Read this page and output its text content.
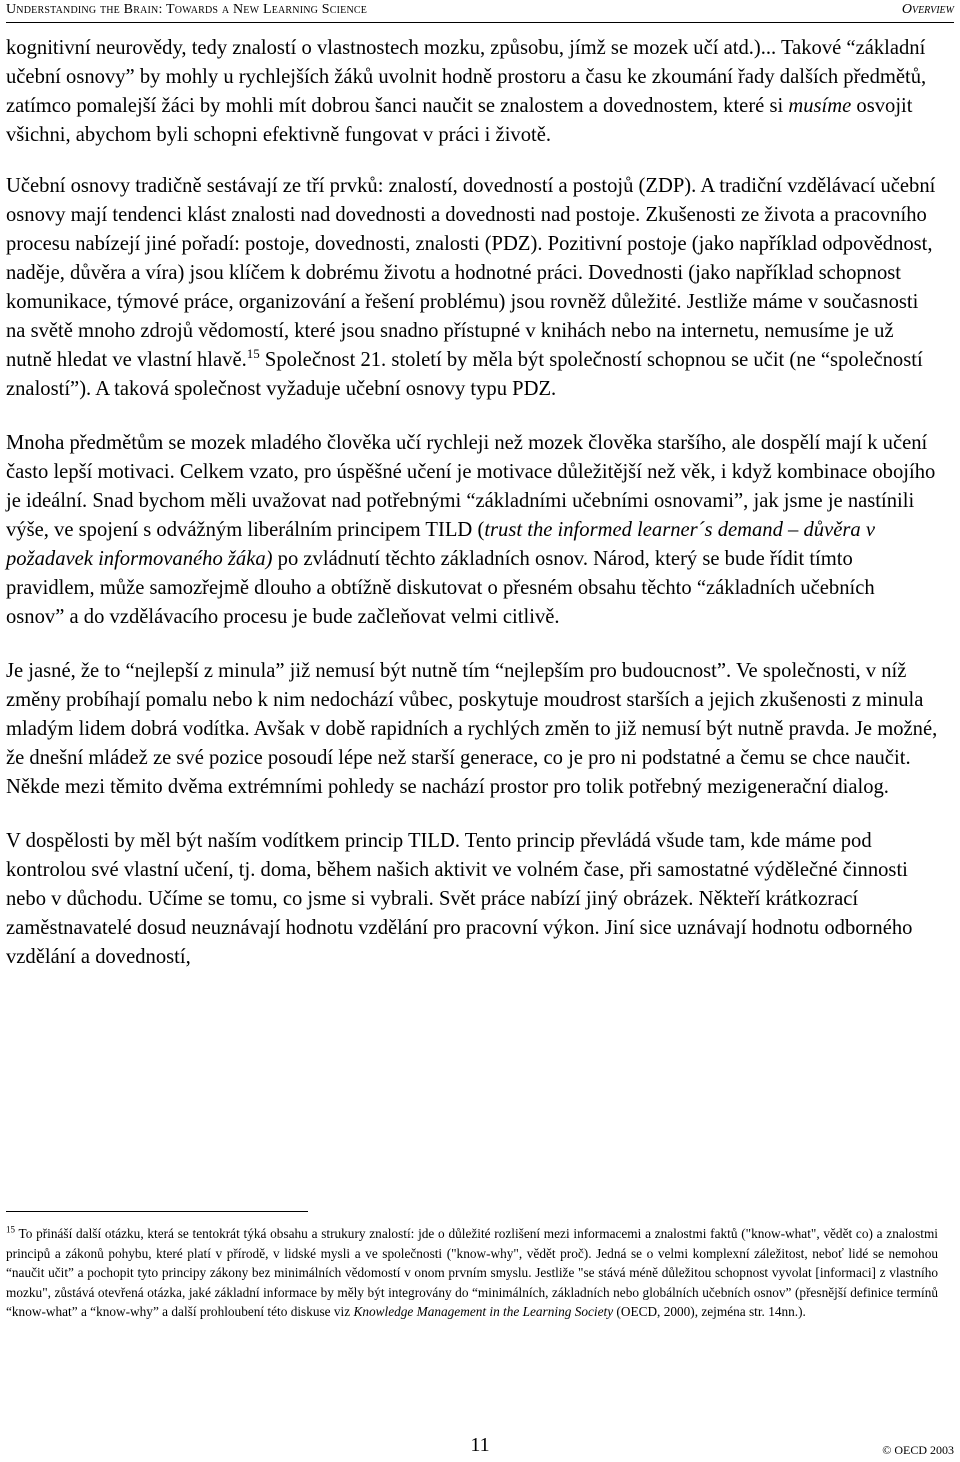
Understanding the Brain: Towards a New Learning Science	Overview

kognitivní neurovědy, tedy znalostí o vlastnostech mozku, způsobu, jímž se mozek učí atd.)... Takové “základní učební osnovy” by mohly u rychlejších žáků uvolnit hodně prostoru a času ke zkoumání řady dalších předmětů, zatímco pomalejší žáci by mohli mít dobrou šanci naučit se znalostem a dovednostem, které si musíme osvojit všichni, abychom byli schopni efektivně fungovat v práci i životě.

Učební osnovy tradičně sestávají ze tří prvků: znalostí, dovedností a postojů (ZDP). A tradiční vzdělávací učební osnovy mají tendenci klást znalosti nad dovednosti a dovednosti nad postoje. Zkušenosti ze života a pracovního procesu nabízejí jiné pořadí: postoje, dovednosti, znalosti (PDZ). Pozitivní postoje (jako například odpovědnost, naděje, důvěra a víra) jsou klíčem k dobrému životu a hodnotné práci. Dovednosti (jako například schopnost komunikace, týmové práce, organizování a řešení problému) jsou rovněž důležité. Jestliže máme v současnosti na světě mnoho zdrojů vědomostí, které jsou snadno přístupné v knihách nebo na internetu, nemusíme je už nutně hledat ve vlastní hlavě.$^{15}$ Společnost 21. století by měla být společností schopnou se učit (ne “společností znalostí”). A taková společnost vyžaduje učební osnovy typu PDZ.

Mnoha předmětům se mozek mladého člověka učí rychleji než mozek člověka staršího, ale dospělí mají k učení často lepší motivaci. Celkem vzato, pro úspěšné učení je motivace důležitější než věk, i když kombinace obojího je ideální. Snad bychom měli uvažovat nad potřebnými “základními učebními osnovami”, jak jsme je nastínili výše, ve spojení s odvážným liberálním principem TILD (trust the informed learner´s demand – důvěra v požadavek informovaného žáka) po zvládnutí těchto základních osnov. Národ, který se bude řídit tímto pravidlem, může samozřejmě dlouho a obtížně diskutovat o přesném obsahu těchto “základních učebních osnov” a do vzdělávacího procesu je bude začleňovat velmi citlivě.

Je jasné, že to “nejlepší z minula” již nemusí být nutně tím “nejlepším pro budoucnost”. Ve společnosti, v níž změny probíhají pomalu nebo k nim nedochází vůbec, poskytuje moudrost starších a jejich zkušenosti z minula mladým lidem dobrá vodítka. Avšak v době rapidních a rychlých změn to již nemusí být nutně pravda. Je možné, že dnešní mládež ze své pozice posoudí lépe než starší generace, co je pro ni podstatné a čemu se chce naučit. Někde mezi těmito dvěma extrémními pohledy se nachází prostor pro tolik potřebný mezigenerační dialog.

V dospělosti by měl být naším vodítkem princip TILD. Tento princip převládá všude tam, kde máme pod kontrolou své vlastní učení, tj. doma, během našich aktivit ve volném čase, při samostatné výdělečné činnosti nebo v důchodu. Učíme se tomu, co jsme si vybrali. Svět práce nabízí jiný obrázek. Někteří krátkozrací zaměstnavatelé dosud neuznávají hodnotu vzdělání pro pracovní výkon. Jiní sice uznávají hodnotu odborného vzdělání a dovedností,

$^{15}$ To přináší další otázku, která se tentokrát týká obsahu a strukury znalostí: jde o důležité rozlišení mezi informacemi a znalostmi faktů ("know-what", vědět co) a znalostmi principů a zákonů pohybu, které platí v přírodě, v lidské mysli a ve společnosti ("know-why", vědět proč). Jedná se o velmi komplexní záležitost, neboť lidé se nemohou “naučit učit” a pochopit tyto principy zákony bez minimálních vědomostí v onom prvním smyslu. Jestliže "se stává méně důležitou schopnost vyvolat [informaci] z vlastního mozku", zůstává otevřená otázka, jaké základní informace by měly být integrovány do “minimálních, základních nebo globálních učebních osnov” (přesnější definice termínů “know-what” a “know-why” a další prohloubení této diskuse viz Knowledge Management in the Learning Society (OECD, 2000), zejména str. 14nn.).
11	© OECD 2003
